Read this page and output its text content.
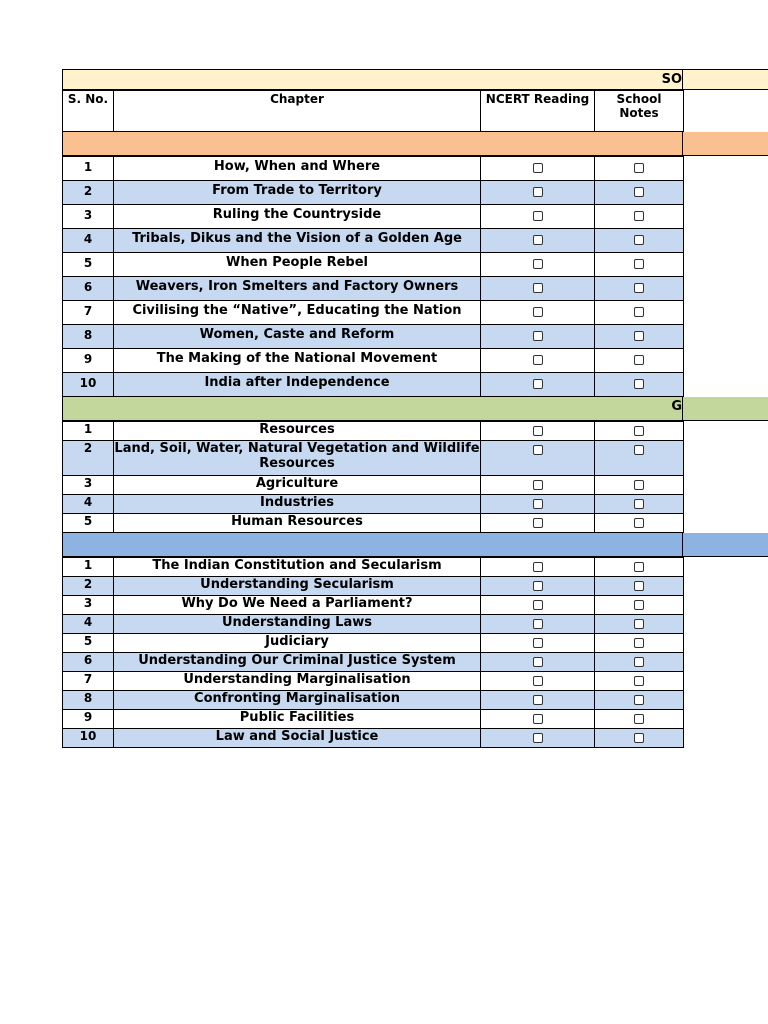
SO
S. No.	Chapter	NCERT Reading	School Notes
1	How, When and Where		
2	From Trade to Territory		
3	Ruling the Countryside		
4	Tribals, Dikus and the Vision of a Golden Age		
5	When People Rebel		
6	Weavers, Iron Smelters and Factory Owners		
7	Civilising the “Native”, Educating the Nation		
8	Women, Caste and Reform		
9	The Making of the National Movement		
10	India after Independence		
G
1	Resources		
2	Land, Soil, Water, Natural Vegetation and Wildlife Resources		
3	Agriculture		
4	Industries		
5	Human Resources		
1	The Indian Constitution and Secularism		
2	Understanding Secularism		
3	Why Do We Need a Parliament?		
4	Understanding Laws		
5	Judiciary		
6	Understanding Our Criminal Justice System		
7	Understanding Marginalisation		
8	Confronting Marginalisation		
9	Public Facilities		
10	Law and Social Justice		
